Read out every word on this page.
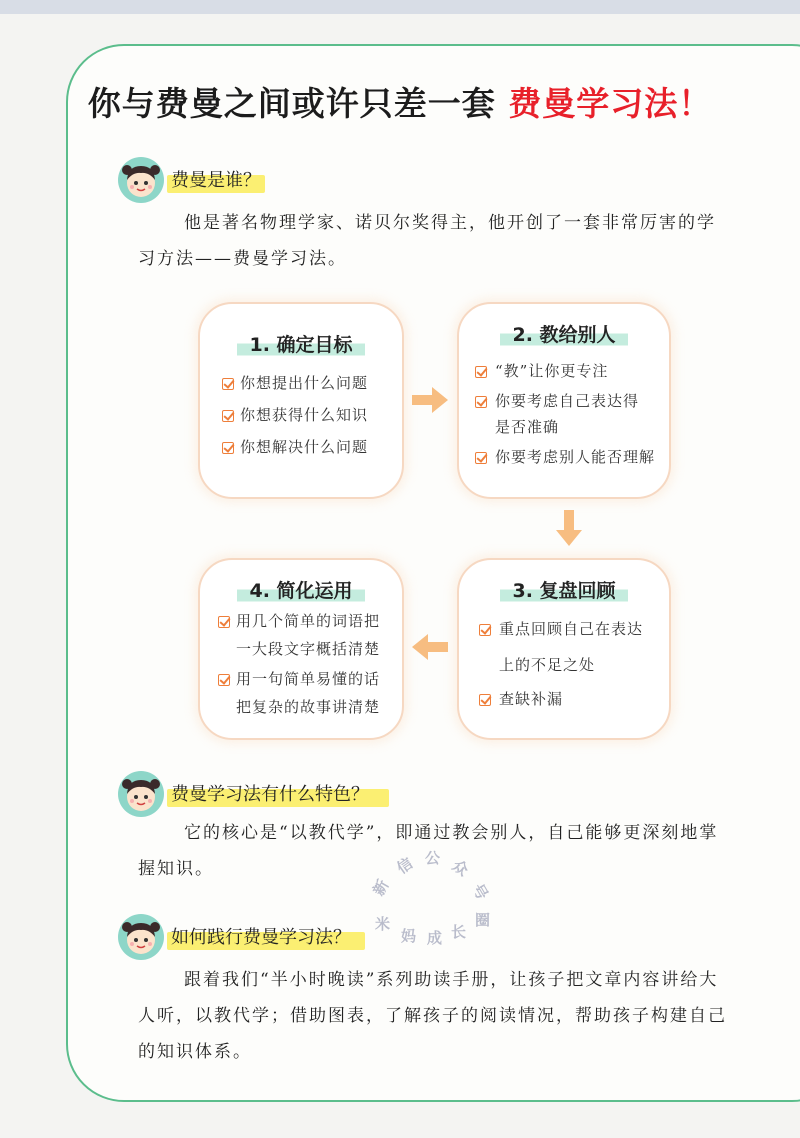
你与费曼之间或许只差一套 费曼学习法！
费曼是谁？

他是著名物理学家、诺贝尔奖得主，他开创了一套非常厉害的学习方法——费曼学习法。

1. 确定目标
你想提出什么问题
你想获得什么知识
你想解决什么问题
2. 教给别人
“教”让你更专注
你要考虑自己表达得
是否准确
你要考虑别人能否理解
3. 复盘回顾
重点回顾自己在表达
上的不足之处
查缺补漏
4. 简化运用
用几个简单的词语把
一大段文字概括清楚
用一句简单易懂的话
把复杂的故事讲清楚
费曼学习法有什么特色？

它的核心是“以教代学”，即通过教会别人，自己能够更深刻地掌握知识。

如何践行费曼学习法？

跟着我们“半小时晚读”系列助读手册，让孩子把文章内容讲给大人听，以教代学；借助图表，了解孩子的阅读情况，帮助孩子构建自己的知识体系。

新
信 公 众
号
米
妈 成 长
圈
